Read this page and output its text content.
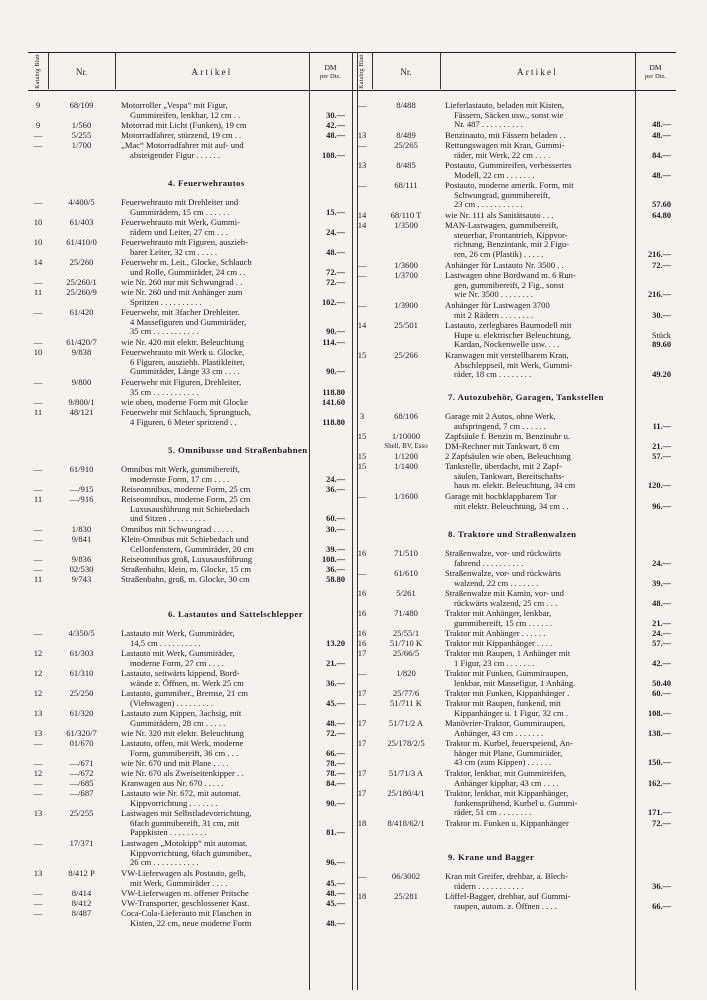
Katalog Blatt	Nr.	Artikel	DM
per Dtz.	Katalog Blatt	Nr.	Artikel	DM
per Dtz.
9	68/109	Motorroller „Vespa“ mit Figur,
Gummireifen, lenkbar, 12 cm . .	30.—
9	1/560	Motorrad mit Licht (Funken), 19 cm	42.—
—	5/255	Motorradfahrer, stürzend, 19 cm . .	48.—
—	1/700	„Mac“ Motorradfahrer mit auf- und
absteigender Figur . . . . . .	108.—
4. Feuerwehrautos
—	4/400/5	Feuerwehrauto mit Drehleiter und
Gummirädern, 15 cm . . . . . .	15.—
10	61/403	Feuerwehrauto mit Werk, Gummi-
rädern und Leiter, 27 cm . . .	24.—
10	61/410/0	Feuerwehrauto mit Figuren, auszieh-
barer Leiter, 32 cm . . . . .	48.—
14	25/260	Feuerwehr m. Leit., Glocke, Schlauch
und Rolle, Gummiräder, 24 cm . .	72.—
—	25/260/1	wie Nr. 260 nur mit Schwungrad . .	72.—
11	25/260/9	wie Nr. 260 und mit Anhänger zum
Spritzen . . . . . . . . . .	102.—
—	61/420	Feuerwehr, mit 3facher Drehleiter.
4 Massefiguren und Gummiräder,
35 cm . . . . . . . . . . .	90.—
—	61/420/7	wie Nr. 420 mit elektr. Beleuchtung	114.—
10	9/838	Feuerwehrauto mit Werk u. Glocke,
6 Figuren, ausziehb. Plastikleiter,
Gummiräder, Länge 33 cm . . . .	90.—
—	9/800	Feuerwehr mit Figuren, Drehleiter,
35 cm . . . . . . . . . . .	118.80
—	9/800/1	wie oben, moderne Form mit Glocke	141.60
11	48/121	Feuerwehr mit Schlauch, Sprungtuch,
4 Figuren, 6 Meter spritzend . .	118.80
5. Omnibusse und Straßenbahnen
—	61/910	Omnibus mit Werk, gummibereift,
modernste Form, 17 cm . . . .	24.—
—	—/915	Reiseomnibus, moderne Form, 25 cm	36.—
11	—/916	Reiseomnibus, moderne Form, 25 cm
Luxusausführung mit Schiebedach
und Sitzen . . . . . . . . .	60.—
—	1/830	Omnibus mit Schwungrad . . . . .	30.—
—	9/841	Klein-Omnibus mit Schiebedach und
Cellonfenstern, Gummiräder, 20 cm	39.—
—	9/836	Reiseomnibus groß, Luxusausführung	108.—
—	02/530	Straßenbahn, klein, m. Glocke, 15 cm	36.—
11	9/743	Straßenbahn, groß, m. Glocke, 30 cm	58.80
6. Lastautos und Sattelschlepper
—	4/350/5	Lastauto mit Werk, Gummiräder,
14,5 cm . . . . . . . . . .	13.20
12	61/303	Lastauto mit Werk, Gummiräder,
moderne Form, 27 cm . . . .	21.—
12	61/310	Lastauto, seitwärts kippend, Bord-
wände z. Öffnen, m. Werk 25 cm	36.—
12	25/250	Lastauto, gummiber., Bremse, 21 cm
(Viehwagen) . . . . . . . . .	45.—
13	61/320	Lastauto zum Kippen, 3achsig, mit
Gummirädern, 28 cm . . . . .	48.—
13	61/320/7	wie Nr. 320 mit elektr. Beleuchtung	72.—
—	01/670	Lastauto, offen, mit Werk, moderne
Form, gummibereift, 36 cm . . .	66.—
—	—/671	wie Nr. 670 und mit Plane . . . .	78.—
12	—/672	wie Nr. 670 als Zweiseitenkipper . .	78.—
—	—/685	Kranwagen aus Nr. 670 . . . . .	84.—
—	—/687	Lastauto wie Nr. 672, mit automat.
Kippvorrichtung . . . . . . .	90.—
13	25/255	Lastwagen mit Selbstladevorrichtung,
6fach gummibereift, 31 cm, mit
Pappkisten . . . . . . . . .	81.—
—	17/371	Lastwagen „Motokipp“ mit automat.
Kippvorrichtung, 6fach gummiber.,
26 cm . . . . . . . . . . .	96.—
13	8/412 P	VW-Lieferwagen als Postauto, gelb,
mit Werk, Gummiräder . . . .	45.—
—	8/414	VW-Lieferwagen m. offener Pritsche	48.—
—	8/412	VW-Transporter, geschlossener Kast.	45.—
—	8/487	Coca-Cola-Lieferauto mit Flaschen in
Kisten, 22 cm, neue moderne Form	48.—
—	8/488	Lieferlastauto, beladen mit Kisten,
Fässern, Säcken usw., sonst wie
Nr. 487 . . . . . . . . . .	48.—
13	8/489	Benzinauto, mit Fässern beladen . .	48.—
—	25/265	Rettungswagen mit Kran, Gummi-
räder, mit Werk, 22 cm . . . .	84.—
13	8/485	Postauto, Gummireifen, verbessertes
Modell, 22 cm . . . . . . .	48.—
—	68/111	Postauto, moderne amerik. Form, mit
Schwungrad, gummibereift,
23 cm . . . . . . . . . . .	57.60
14	68/110 T	wie Nr. 111 als Sanitätsauto . . .	64.80
14	1/3500	MAN-Lastwagen, gummibereift,
steuerbar, Frontantrieb, Kippvor-
richtung, Benzintank, mit 2 Figu-
ren, 26 cm (Plastik) . . . . .	216.—
—	1/3600	Anhänger für Lastauto Nr. 3500 . .	72.—
—	1/3700	Lastwagen ohne Bordwand m. 6 Run-
gen, gummibereift, 2 Fig., sonst
wie Nr. 3500 . . . . . . . .	216.—
—	1/3900	Anhänger für Lastwagen 3700
mit 2 Rädern . . . . . . . .	30.—
14	25/501	Lastauto, zerlegbares Baumodell mit
Hupe u. elektrischer Beleuchtung,
Kardan, Nockenwelle usw. . . .	89.60
Stück
15	25/266	Kranwagen mit verstellbarem Kran,
Abschleppseil, mit Werk, Gummi-
räder, 18 cm . . . . . . . .	49.20
7. Autozubehör, Garagen, Tankstellen
3	68/106	Garage mit 2 Autos, ohne Werk,
aufspringend, 7 cm . . . . . .	11.—
15	1/10000	Zapfsäule f. Benzin m. Benzinuhr u.
Shell, BV, Esso	DM-Rechner mit Tankwart, 8 cm	21.—
15	1/1200	2 Zapfsäulen wie oben, Beleuchtung	57.—
15	1/1400	Tankstelle, überdacht, mit 2 Zapf-
säulen, Tankwart, Bereitschafts-
haus m. elektr. Beleuchtung, 34 cm	120.—
—	1/1600	Garage mit hochklappbarem Tor
mit elektr. Beleuchtung, 34 cm . .	96.—
8. Traktore und Straßenwalzen
16	71/510	Straßenwalze, vor- und rückwärts
fahrend . . . . . . . . . .	24.—
—	61/610	Straßenwalze, vor- und rückwärts
walzend, 22 cm . . . . . . .	39.—
16	5/261	Straßenwalze mit Kamin, vor- und
rückwärts walzend, 25 cm . . .	48.—
16	71/480	Traktor mit Anhänger, lenkbar,
gummibereift, 15 cm . . . . . .	21.—
16	25/55/1	Traktor mit Anhänger . . . . . .	24.—
16	51/710 K	Traktor mit Kippanhänger . . . .	57.—
17	25/66/5	Traktor mit Raupen, 1 Anhänger mit
1 Figur, 23 cm . . . . . . .	42.—
—	1/820	Traktor mit Funken, Gummiraupen,
lenkbar, mit Massefigur, 1 Anhäng.	50.40
17	25/77/6	Traktor mit Funken, Kippanhänger .	60.—
—	51/711 K	Traktor mit Raupen, funkend, mit
Kippanhänger u. 1 Figur, 32 cm .	108.—
17	51/71/2 A	Manövrier-Traktor, Gummiraupen,
Anhänger, 43 cm . . . . . . .	138.—
17	25/178/2/5	Traktor m. Kurbel, feuerspeiend, An-
hänger mit Plane, Gummiräder,
43 cm (zum Kippen) . . . . . .	150.—
17	51/71/3 A	Traktor, lenkbar, mit Gummireifen,
Anhänger kippbar, 43 cm . . . .	162.—
17	25/180/4/1	Traktor, lenkbar, mit Kippanhänger,
funkensprühend, Kurbel u. Gummi-
räder, 51 cm . . . . . . . .	171.—
18	8/418/62/1	Traktor m. Funken u. Kippanhänger	72.—
9. Krane und Bagger
—	06/3002	Kran mit Greifer, drehbar, a. Blech-
rädern . . . . . . . . . . .	36.—
18	25/281	Löffel-Bagger, drehbar, auf Gummi-
raupen, autom. z. Öffnen . . . .	66.—
